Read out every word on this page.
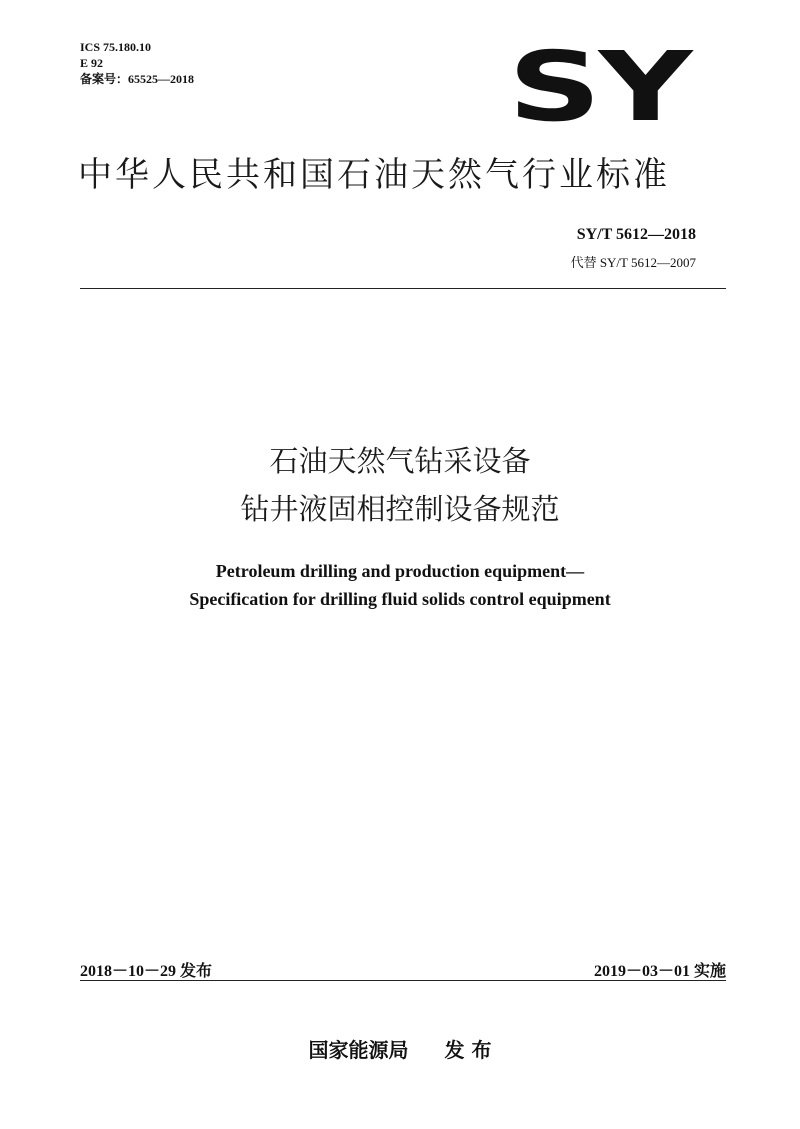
ICS 75.180.10
E 92
备案号：65525—2018	SY
中华人民共和国石油天然气行业标准
SY/T 5612—2018
代替 SY/T 5612—2007
石油天然气钻采设备
钻井液固相控制设备规范
Petroleum drilling and production equipment—
Specification for drilling fluid solids control equipment
2018－10－29 发布	2019－03－01 实施
国家能源局 发 布
